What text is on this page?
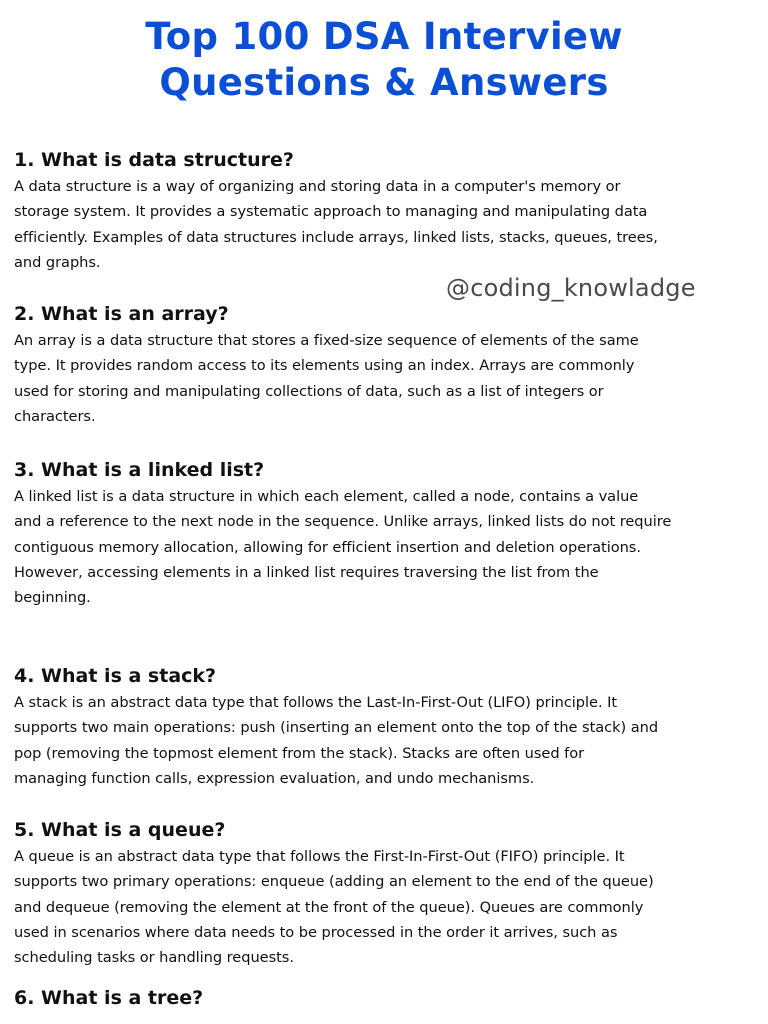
Top 100 DSA Interview
Questions & Answers
@coding_knowladge
1. What is data structure?

A data structure is a way of organizing and storing data in a computer's memory or
storage system. It provides a systematic approach to managing and manipulating data
efficiently. Examples of data structures include arrays, linked lists, stacks, queues, trees,
and graphs.

2. What is an array?

An array is a data structure that stores a fixed-size sequence of elements of the same
type. It provides random access to its elements using an index. Arrays are commonly
used for storing and manipulating collections of data, such as a list of integers or
characters.

3. What is a linked list?

A linked list is a data structure in which each element, called a node, contains a value
and a reference to the next node in the sequence. Unlike arrays, linked lists do not require
contiguous memory allocation, allowing for efficient insertion and deletion operations.
However, accessing elements in a linked list requires traversing the list from the
beginning.

4. What is a stack?

A stack is an abstract data type that follows the Last-In-First-Out (LIFO) principle. It
supports two main operations: push (inserting an element onto the top of the stack) and
pop (removing the topmost element from the stack). Stacks are often used for
managing function calls, expression evaluation, and undo mechanisms.

5. What is a queue?

A queue is an abstract data type that follows the First-In-First-Out (FIFO) principle. It
supports two primary operations: enqueue (adding an element to the end of the queue)
and dequeue (removing the element at the front of the queue). Queues are commonly
used in scenarios where data needs to be processed in the order it arrives, such as
scheduling tasks or handling requests.

6. What is a tree?
